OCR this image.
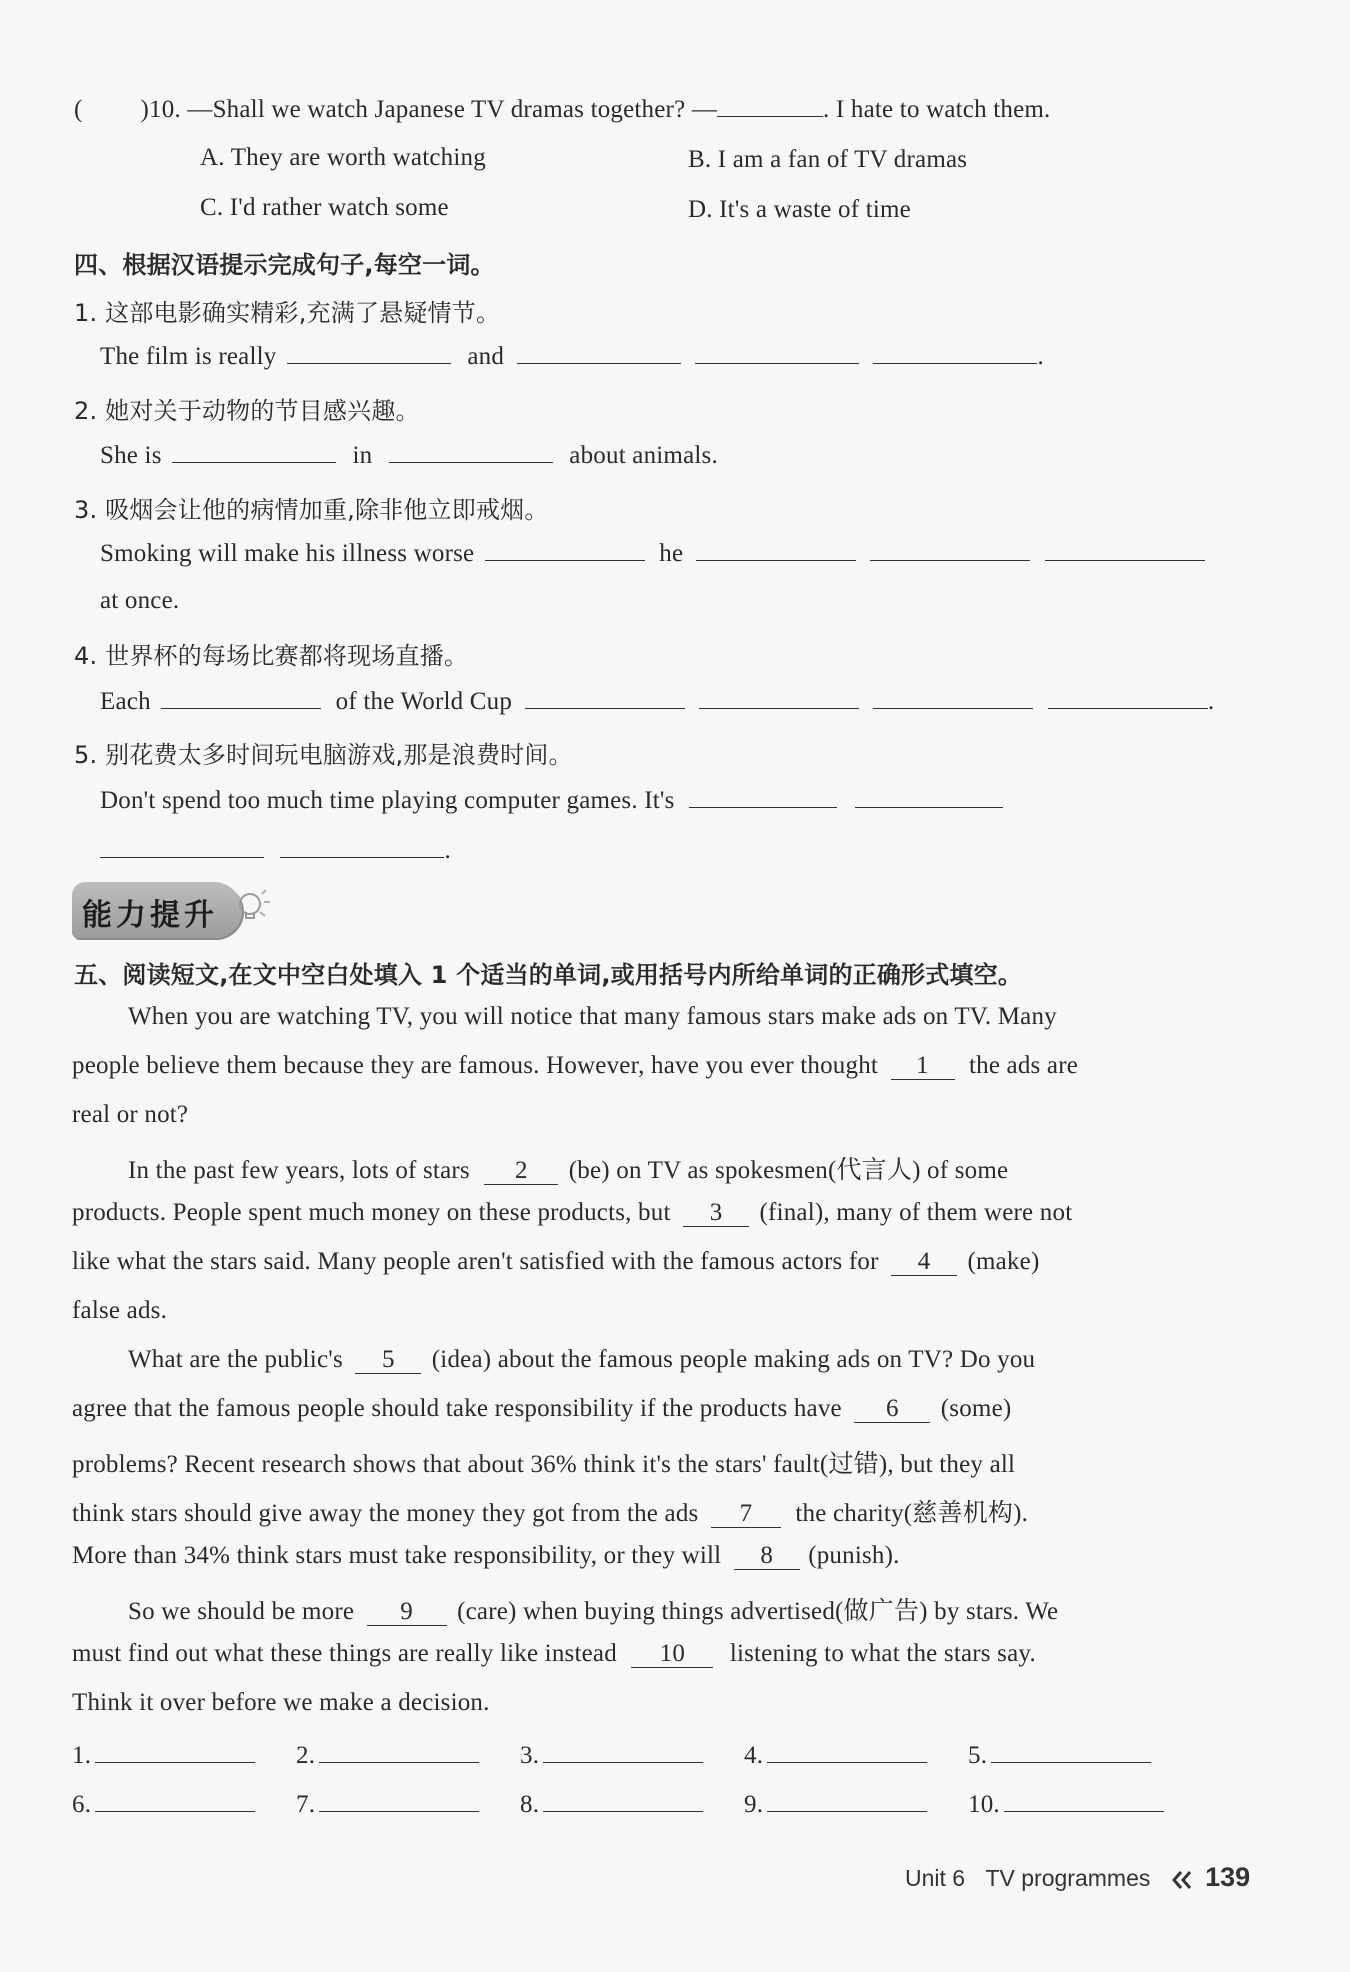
( )10. —Shall we watch Japanese TV dramas together? —	. I hate to watch them.
A. They are worth watching	B. I am a fan of TV dramas
C. I'd rather watch some	D. It's a waste of time
四、根据汉语提示完成句子,每空一词。
1. 这部电影确实精彩,充满了悬疑情节。
The film is really	and	.
2. 她对关于动物的节目感兴趣。
She is	in	about animals.
3. 吸烟会让他的病情加重,除非他立即戒烟。
Smoking will make his illness worse	he
at once.
4. 世界杯的每场比赛都将现场直播。
Each	of the World Cup	.
5. 别花费太多时间玩电脑游戏,那是浪费时间。
Don't spend too much time playing computer games. It's
.
能力提升
五、阅读短文,在文中空白处填入 1 个适当的单词,或用括号内所给单词的正确形式填空。
When you are watching TV, you will notice that many famous stars make ads on TV. Many
people believe them because they are famous. However, have you ever thought 1 the ads are
real or not?
In the past few years, lots of stars 2 (be) on TV as spokesmen(代言人) of some
products. People spent much money on these products, but 3 (final), many of them were not
like what the stars said. Many people aren't satisfied with the famous actors for 4 (make)
false ads.
What are the public's 5 (idea) about the famous people making ads on TV? Do you
agree that the famous people should take responsibility if the products have 6 (some)
problems? Recent research shows that about 36% think it's the stars' fault(过错), but they all
think stars should give away the money they got from the ads 7 the charity(慈善机构).
More than 34% think stars must take responsibility, or they will 8 (punish).
So we should be more 9 (care) when buying things advertised(做广告) by stars. We
must find out what these things are really like instead 10 listening to what the stars say.
Think it over before we make a decision.
1.	2.	3.	4.	5.
6.	7.	8.	9.	10.
Unit 6 TV programmes 139
